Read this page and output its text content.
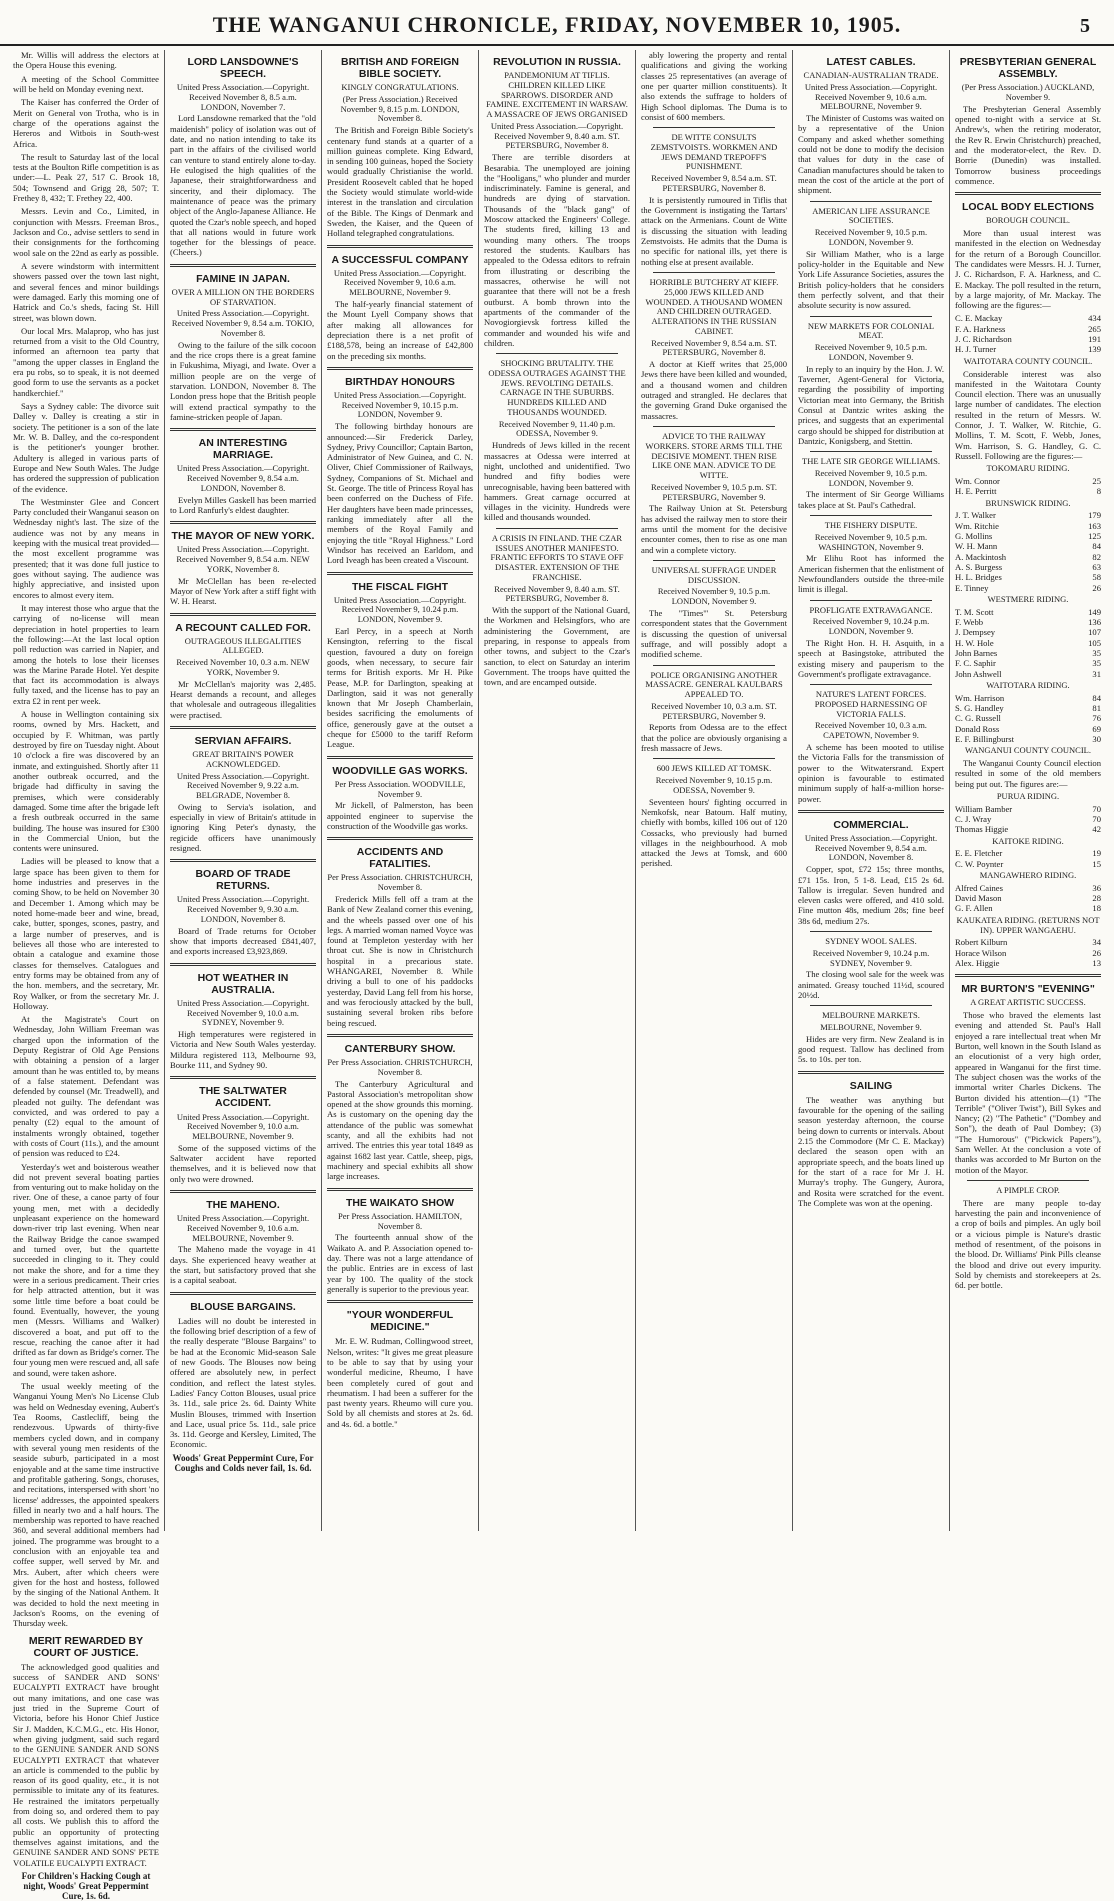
THE WANGANUI CHRONICLE, FRIDAY, NOVEMBER 10, 1905.	5

Mr. Willis will address the electors at the Opera House this evening.

A meeting of the School Committee will be held on Monday evening next.

The Kaiser has conferred the Order of Merit on General von Trotha, who is in charge of the operations against the Hereros and Witbois in South-west Africa.

The result to Saturday last of the local tests at the Boulton Rifle competition is as under:—L. Peak 27, 517 C. Brook 18, 504; Townsend and Grigg 28, 507; T. Frethey 8, 432; T. Frethey 22, 400.

Messrs. Levin and Co., Limited, in conjunction with Messrs. Freeman Bros., Jackson and Co., advise settlers to send in their consignments for the forthcoming wool sale on the 22nd as early as possible.

A severe windstorm with intermittent showers passed over the town last night, and several fences and minor buildings were damaged. Early this morning one of Hatrick and Co.'s sheds, facing St. Hill street, was blown down.

Our local Mrs. Malaprop, who has just returned from a visit to the Old Country, informed an afternoon tea party that "among the upper classes in England the era pu robs, so to speak, it is not deemed good form to use the servants as a pocket handkerchief."

Says a Sydney cable: The divorce suit Dalley v. Dalley is creating a stir in society. The petitioner is a son of the late Mr. W. B. Dalley, and the co-respondent is the petitioner's younger brother. Adultery is alleged in various parts of Europe and New South Wales. The Judge has ordered the suppression of publication of the evidence.

The Westminster Glee and Concert Party concluded their Wanganui season on Wednesday night's last. The size of the audience was not by any means in keeping with the musical treat provided—the most excellent programme was presented; that it was done full justice to goes without saying. The audience was highly appreciative, and insisted upon encores to almost every item.

It may interest those who argue that the carrying of no-license will mean depreciation in hotel properties to learn the following:—At the last local option poll reduction was carried in Napier, and among the hotels to lose their licenses was the Marine Parade Hotel. Yet despite that fact its accommodation is always fully taxed, and the license has to pay an extra £2 in rent per week.

A house in Wellington containing six rooms, owned by Mrs. Hackett, and occupied by F. Whitman, was partly destroyed by fire on Tuesday night. About 10 o'clock a fire was discovered by an inmate, and extinguished. Shortly after 11 another outbreak occurred, and the brigade had difficulty in saving the premises, which were considerably damaged. Some time after the brigade left a fresh outbreak occurred in the same building. The house was insured for £300 in the Commercial Union, but the contents were uninsured.

Ladies will be pleased to know that a large space has been given to them for home industries and preserves in the coming Show, to be held on November 30 and December 1. Among which may be noted home-made beer and wine, bread, cake, butter, sponges, scones, pastry, and a large number of preserves, and is believes all those who are interested to obtain a catalogue and examine those classes for themselves. Catalogues and entry forms may be obtained from any of the hon. members, and the secretary, Mr. Roy Walker, or from the secretary Mr. J. Holloway.

At the Magistrate's Court on Wednesday, John William Freeman was charged upon the information of the Deputy Registrar of Old Age Pensions with obtaining a pension of a larger amount than he was entitled to, by means of a false statement. Defendant was defended by counsel (Mr. Treadwell), and pleaded not guilty. The defendant was convicted, and was ordered to pay a penalty (£2) equal to the amount of instalments wrongly obtained, together with costs of Court (11s.), and the amount of pension was reduced to £24.

Yesterday's wet and boisterous weather did not prevent several boating parties from venturing out to make holiday on the river. One of these, a canoe party of four young men, met with a decidedly unpleasant experience on the homeward down-river trip last evening. When near the Railway Bridge the canoe swamped and turned over, but the quartette succeeded in clinging to it. They could not make the shore, and for a time they were in a serious predicament. Their cries for help attracted attention, but it was some little time before a boat could be found. Eventually, however, the young men (Messrs. Williams and Walker) discovered a boat, and put off to the rescue, reaching the canoe after it had drifted as far down as Bridge's corner. The four young men were rescued and, all safe and sound, were taken ashore.

The usual weekly meeting of the Wanganui Young Men's No License Club was held on Wednesday evening, Aubert's Tea Rooms, Castlecliff, being the rendezvous. Upwards of thirty-five members cycled down, and in company with several young men residents of the seaside suburb, participated in a most enjoyable and at the same time instructive and profitable gathering. Songs, choruses, and recitations, interspersed with short 'no license' addresses, the appointed speakers filled in nearly two and a half hours. The membership was reported to have reached 360, and several additional members had joined. The programme was brought to a conclusion with an enjoyable tea and coffee supper, well served by Mr. and Mrs. Aubert, after which cheers were given for the host and hostess, followed by the singing of the National Anthem. It was decided to hold the next meeting in Jackson's Rooms, on the evening of Thursday week.

MERIT REWARDED BY COURT OF JUSTICE.

The acknowledged good qualities and success of SANDER AND SONS' EUCALYPTI EXTRACT have brought out many imitations, and one case was just tried in the Supreme Court of Victoria, before his Honor Chief Justice Sir J. Madden, K.C.M.G., etc. His Honor, when giving judgment, said such regard to the GENUINE SANDER AND SONS EUCALYPTI EXTRACT that whatever an article is commended to the public by reason of its good quality, etc., it is not permissible to imitate any of its features. He restrained the imitators perpetually from doing so, and ordered them to pay all costs. We publish this to afford the public an opportunity of protecting themselves against imitations, and the GENUINE SANDER AND SONS' PETE VOLATILE EUCALYPTI EXTRACT.

For Children's Hacking Cough at night, Woods' Great Peppermint Cure, 1s. 6d.
LORD LANSDOWNE'S SPEECH.
United Press Association.—Copyright. Received November 8, 8.5 a.m. LONDON, November 7.

Lord Lansdowne remarked that the "old maidenish" policy of isolation was out of date, and no nation intending to take its part in the affairs of the civilised world can venture to stand entirely alone to-day. He eulogised the high qualities of the Japanese, their straightforwardness and sincerity, and their diplomacy. The maintenance of peace was the primary object of the Anglo-Japanese Alliance. He quoted the Czar's noble speech, and hoped that all nations would in future work together for the blessings of peace. (Cheers.)

FAMINE IN JAPAN.
OVER A MILLION ON THE BORDERS OF STARVATION.
United Press Association.—Copyright. Received November 9, 8.54 a.m. TOKIO, November 8.

Owing to the failure of the silk cocoon and the rice crops there is a great famine in Fukushima, Miyagi, and Iwate. Over a million people are on the verge of starvation. LONDON, November 8. The London press hope that the British people will extend practical sympathy to the famine-stricken people of Japan.

AN INTERESTING MARRIAGE.
United Press Association.—Copyright. Received November 9, 8.54 a.m. LONDON, November 8.

Evelyn Milles Gaskell has been married to Lord Ranfurly's eldest daughter.

THE MAYOR OF NEW YORK.
United Press Association.—Copyright. Received November 9, 8.54 a.m. NEW YORK, November 8.

Mr McClellan has been re-elected Mayor of New York after a stiff fight with W. H. Hearst.

A RECOUNT CALLED FOR.
OUTRAGEOUS ILLEGALITIES ALLEGED.
Received November 10, 0.3 a.m. NEW YORK, November 9.

Mr McClellan's majority was 2,485. Hearst demands a recount, and alleges that wholesale and outrageous illegalities were practised.

SERVIAN AFFAIRS.
GREAT BRITAIN'S POWER ACKNOWLEDGED.
United Press Association.—Copyright. Received November 9, 9.22 a.m. BELGRADE, November 8.

Owing to Servia's isolation, and especially in view of Britain's attitude in ignoring King Peter's dynasty, the regicide officers have unanimously resigned.

BOARD OF TRADE RETURNS.
United Press Association.—Copyright. Received November 9, 9.30 a.m. LONDON, November 8.

Board of Trade returns for October show that imports decreased £841,407, and exports increased £3,923,869.

HOT WEATHER IN AUSTRALIA.
United Press Association.—Copyright. Received November 9, 10.0 a.m. SYDNEY, November 9.

High temperatures were registered in Victoria and New South Wales yesterday. Mildura registered 113, Melbourne 93, Bourke 111, and Sydney 90.

THE SALTWATER ACCIDENT.
United Press Association.—Copyright. Received November 9, 10.0 a.m. MELBOURNE, November 9.

Some of the supposed victims of the Saltwater accident have reported themselves, and it is believed now that only two were drowned.

THE MAHENO.
United Press Association.—Copyright. Received November 9, 10.6 a.m. MELBOURNE, November 9.

The Maheno made the voyage in 41 days. She experienced heavy weather at the start, but satisfactory proved that she is a capital seaboat.

BLOUSE BARGAINS.

Ladies will no doubt be interested in the following brief description of a few of the really desperate "Blouse Bargains" to be had at the Economic Mid-season Sale of new Goods. The Blouses now being offered are absolutely new, in perfect condition, and reflect the latest styles. Ladies' Fancy Cotton Blouses, usual price 3s. 11d., sale price 2s. 6d. Dainty White Muslin Blouses, trimmed with Insertion and Lace, usual price 5s. 11d., sale price 3s. 11d. George and Kersley, Limited, The Economic.

Woods' Great Peppermint Cure, For Coughs and Colds never fail, 1s. 6d.
BRITISH AND FOREIGN BIBLE SOCIETY.
KINGLY CONGRATULATIONS.
(Per Press Association.) Received November 9, 8.15 p.m. LONDON, November 8.

The British and Foreign Bible Society's centenary fund stands at a quarter of a million guineas complete. King Edward, in sending 100 guineas, hoped the Society would gradually Christianise the world. President Roosevelt cabled that he hoped the Society would stimulate world-wide interest in the translation and circulation of the Bible. The Kings of Denmark and Sweden, the Kaiser, and the Queen of Holland telegraphed congratulations.

A SUCCESSFUL COMPANY
United Press Association.—Copyright. Received November 9, 10.6 a.m. MELBOURNE, November 9.

The half-yearly financial statement of the Mount Lyell Company shows that after making all allowances for depreciation there is a net profit of £188,578, being an increase of £42,800 on the preceding six months.

BIRTHDAY HONOURS
United Press Association.—Copyright. Received November 9, 10.15 p.m. LONDON, November 9.

The following birthday honours are announced:—Sir Frederick Darley, Sydney, Privy Councillor; Captain Barton, Administrator of New Guinea, and C. N. Oliver, Chief Commissioner of Railways, Sydney, Companions of St. Michael and St. George. The title of Princess Royal has been conferred on the Duchess of Fife. Her daughters have been made princesses, ranking immediately after all the members of the Royal Family and enjoying the title "Royal Highness." Lord Windsor has received an Earldom, and Lord Iveagh has been created a Viscount.

THE FISCAL FIGHT
United Press Association.—Copyright. Received November 9, 10.24 p.m. LONDON, November 9.

Earl Percy, in a speech at North Kensington, referring to the fiscal question, favoured a duty on foreign goods, when necessary, to secure fair terms for British exports. Mr H. Pike Pease, M.P. for Darlington, speaking at Darlington, said it was not generally known that Mr Joseph Chamberlain, besides sacrificing the emoluments of office, generously gave at the outset a cheque for £5000 to the tariff Reform League.

WOODVILLE GAS WORKS.
Per Press Association. WOODVILLE, November 9.

Mr Jickell, of Palmerston, has been appointed engineer to supervise the construction of the Woodville gas works.

ACCIDENTS AND FATALITIES.
Per Press Association. CHRISTCHURCH, November 8.

Frederick Mills fell off a tram at the Bank of New Zealand corner this evening, and the wheels passed over one of his legs. A married woman named Voyce was found at Templeton yesterday with her throat cut. She is now in Christchurch hospital in a precarious state. WHANGAREI, November 8. While driving a bull to one of his paddocks yesterday, David Lang fell from his horse, and was ferociously attacked by the bull, sustaining several broken ribs before being rescued.

CANTERBURY SHOW.
Per Press Association. CHRISTCHURCH, November 8.

The Canterbury Agricultural and Pastoral Association's metropolitan show opened at the show grounds this morning. As is customary on the opening day the attendance of the public was somewhat scanty, and all the exhibits had not arrived. The entries this year total 1849 as against 1682 last year. Cattle, sheep, pigs, machinery and special exhibits all show large increases.

THE WAIKATO SHOW
Per Press Association. HAMILTON, November 8.

The fourteenth annual show of the Waikato A. and P. Association opened to-day. There was not a large attendance of the public. Entries are in excess of last year by 100. The quality of the stock generally is superior to the previous year.

"YOUR WONDERFUL MEDICINE."

Mr. E. W. Rudman, Collingwood street, Nelson, writes: "It gives me great pleasure to be able to say that by using your wonderful medicine, Rheumo, I have been completely cured of gout and rheumatism. I had been a sufferer for the past twenty years. Rheumo will cure you. Sold by all chemists and stores at 2s. 6d. and 4s. 6d. a bottle."

REVOLUTION IN RUSSIA.
PANDEMONIUM AT TIFLIS. CHILDREN KILLED LIKE SPARROWS. DISORDER AND FAMINE. EXCITEMENT IN WARSAW. A MASSACRE OF JEWS ORGANISED
United Press Association.—Copyright. Received November 9, 8.40 a.m. ST. PETERSBURG, November 8.

There are terrible disorders at Besarabia. The unemployed are joining the "Hooligans," who plunder and murder indiscriminately. Famine is general, and hundreds are dying of starvation. Thousands of the "black gang" of Moscow attacked the Engineers' College. The students fired, killing 13 and wounding many others. The troops restored the students. Kaulbars has appealed to the Odessa editors to refrain from illustrating or describing the massacres, otherwise he will not guarantee that there will not be a fresh outburst. A bomb thrown into the apartments of the commander of the Novogiorgievsk fortress killed the commander and wounded his wife and children.

SHOCKING BRUTALITY. THE ODESSA OUTRAGES AGAINST THE JEWS. REVOLTING DETAILS. CARNAGE IN THE SUBURBS. HUNDREDS KILLED AND THOUSANDS WOUNDED.
Received November 9, 11.40 p.m. ODESSA, November 9.

Hundreds of Jews killed in the recent massacres at Odessa were interred at night, unclothed and unidentified. Two hundred and fifty bodies were unrecognisable, having been battered with hammers. Great carnage occurred at villages in the vicinity. Hundreds were killed and thousands wounded.

A CRISIS IN FINLAND. THE CZAR ISSUES ANOTHER MANIFESTO. FRANTIC EFFORTS TO STAVE OFF DISASTER. EXTENSION OF THE FRANCHISE.
Received November 9, 8.40 a.m. ST. PETERSBURG, November 8.

With the support of the National Guard, the Workmen and Helsingfors, who are administering the Government, are preparing, in response to appeals from other towns, and subject to the Czar's sanction, to elect on Saturday an interim Government. The troops have quitted the town, and are encamped outside.

ably lowering the property and rental qualifications and giving the working classes 25 representatives (an average of one per quarter million constituents). It also extends the suffrage to holders of High School diplomas. The Duma is to consist of 600 members.

DE WITTE CONSULTS ZEMSTVOISTS. WORKMEN AND JEWS DEMAND TREPOFF'S PUNISHMENT.
Received November 9, 8.54 a.m. ST. PETERSBURG, November 8.

It is persistently rumoured in Tiflis that the Government is instigating the Tartars' attack on the Armenians. Count de Witte is discussing the situation with leading Zemstvoists. He admits that the Duma is no specific for national ills, yet there is nothing else at present available.

HORRIBLE BUTCHERY AT KIEFF. 25,000 JEWS KILLED AND WOUNDED. A THOUSAND WOMEN AND CHILDREN OUTRAGED. ALTERATIONS IN THE RUSSIAN CABINET.
Received November 9, 8.54 a.m. ST. PETERSBURG, November 8.

A doctor at Kieff writes that 25,000 Jews there have been killed and wounded, and a thousand women and children outraged and strangled. He declares that the governing Grand Duke organised the massacres.

ADVICE TO THE RAILWAY WORKERS. STORE ARMS TILL THE DECISIVE MOMENT. THEN RISE LIKE ONE MAN. ADVICE TO DE WITTE.
Received November 9, 10.5 p.m. ST. PETERSBURG, November 9.

The Railway Union at St. Petersburg has advised the railway men to store their arms until the moment for the decisive encounter comes, then to rise as one man and win a complete victory.

UNIVERSAL SUFFRAGE UNDER DISCUSSION.
Received November 9, 10.5 p.m. LONDON, November 9.

The "Times'" St. Petersburg correspondent states that the Government is discussing the question of universal suffrage, and will possibly adopt a modified scheme.

POLICE ORGANISING ANOTHER MASSACRE. GENERAL KAULBARS APPEALED TO.
Received November 10, 0.3 a.m. ST. PETERSBURG, November 9.

Reports from Odessa are to the effect that the police are obviously organising a fresh massacre of Jews.

600 JEWS KILLED AT TOMSK.
Received November 9, 10.15 p.m. ODESSA, November 9.

Seventeen hours' fighting occurred in Nemkofsk, near Batoum. Half mutiny, chiefly with bombs, killed 106 out of 120 Cossacks, who previously had burned villages in the neighbourhood. A mob attacked the Jews at Tomsk, and 600 perished.

LATEST CABLES.
CANADIAN-AUSTRALIAN TRADE.
United Press Association.—Copyright. Received November 9, 10.6 a.m. MELBOURNE, November 9.

The Minister of Customs was waited on by a representative of the Union Company and asked whether something could not be done to modify the decision that values for duty in the case of Canadian manufactures should be taken to mean the cost of the article at the port of shipment.

AMERICAN LIFE ASSURANCE SOCIETIES.
Received November 9, 10.5 p.m. LONDON, November 9.

Sir William Mather, who is a large policy-holder in the Equitable and New York Life Assurance Societies, assures the British policy-holders that he considers them perfectly solvent, and that their absolute security is now assured.

NEW MARKETS FOR COLONIAL MEAT.
Received November 9, 10.5 p.m. LONDON, November 9.

In reply to an inquiry by the Hon. J. W. Taverner, Agent-General for Victoria, regarding the possibility of importing Victorian meat into Germany, the British Consul at Dantzic writes asking the prices, and suggests that an experimental cargo should be shipped for distribution at Dantzic, Konigsberg, and Stettin.

THE LATE SIR GEORGE WILLIAMS.
Received November 9, 10.5 p.m. LONDON, November 9.

The interment of Sir George Williams takes place at St. Paul's Cathedral.

THE FISHERY DISPUTE.
Received November 9, 10.5 p.m. WASHINGTON, November 9.

Mr Elihu Root has informed the American fishermen that the enlistment of Newfoundlanders outside the three-mile limit is illegal.

PROFLIGATE EXTRAVAGANCE.
Received November 9, 10.24 p.m. LONDON, November 9.

The Right Hon. H. H. Asquith, in a speech at Basingstoke, attributed the existing misery and pauperism to the Government's profligate extravagance.

NATURE'S LATENT FORCES. PROPOSED HARNESSING OF VICTORIA FALLS.
Received November 10, 0.3 a.m. CAPETOWN, November 9.

A scheme has been mooted to utilise the Victoria Falls for the transmission of power to the Witwatersrand. Expert opinion is favourable to estimated minimum supply of half-a-million horse-power.

COMMERCIAL.
United Press Association.—Copyright. Received November 9, 8.54 a.m. LONDON, November 8.

Copper, spot, £72 15s; three months, £71 15s. Iron, 5 1-8. Lead, £15 2s 6d. Tallow is irregular. Seven hundred and eleven casks were offered, and 410 sold. Fine mutton 48s, medium 28s; fine beef 38s 6d, medium 27s.

SYDNEY WOOL SALES.
Received November 9, 10.24 p.m. SYDNEY, November 9.

The closing wool sale for the week was animated. Greasy touched 11½d, scoured 20½d.

MELBOURNE MARKETS.
MELBOURNE, November 9.

Hides are very firm. New Zealand is in good request. Tallow has declined from 5s. to 10s. per ton.

SAILING

The weather was anything but favourable for the opening of the sailing season yesterday afternoon, the course being down to currents or intervals. About 2.15 the Commodore (Mr C. E. Mackay) declared the season open with an appropriate speech, and the boats lined up for the start of a race for Mr J. H. Murray's trophy. The Gungery, Aurora, and Rosita were scratched for the event. The Complete was won at the opening.

PRESBYTERIAN GENERAL ASSEMBLY.
(Per Press Association.) AUCKLAND, November 9.

The Presbyterian General Assembly opened to-night with a service at St. Andrew's, when the retiring moderator, the Rev R. Erwin Christchurch) preached, and the moderator-elect, the Rev. D. Borrie (Dunedin) was installed. Tomorrow business proceedings commence.

LOCAL BODY ELECTIONS
BOROUGH COUNCIL.

More than usual interest was manifested in the election on Wednesday for the return of a Borough Councillor. The candidates were Messrs. H. J. Turner, J. C. Richardson, F. A. Harkness, and C. E. Mackay. The poll resulted in the return, by a large majority, of Mr. Mackay. The following are the figures:—

C. E. Mackay	434
F. A. Harkness	265
J. C. Richardson	191
H. J. Turner	139
WAITOTARA COUNTY COUNCIL.

Considerable interest was also manifested in the Waitotara County Council election. There was an unusually large number of candidates. The election resulted in the return of Messrs. W. Connor, J. T. Walker, W. Ritchie, G. Mollins, T. M. Scott, F. Webb, Jones, Wm. Harrison, S. G. Handley, G. C. Russell. Following are the figures:—

TOKOMARU RIDING.
Wm. Connor	25
H. E. Perritt	8
BRUNSWICK RIDING.
J. T. Walker	179
Wm. Ritchie	163
G. Mollins	125
W. H. Mann	84
A. Mackintosh	82
A. S. Burgess	63
H. L. Bridges	58
E. Tinney	26
WESTMERE RIDING.
T. M. Scott	149
F. Webb	136
J. Dempsey	107
H. W. Hole	105
John Barnes	35
F. C. Saphir	35
John Ashwell	31
WAITOTARA RIDING.
Wm. Harrison	84
S. G. Handley	81
C. G. Russell	76
Donald Ross	69
E. F. Billingburst	30
WANGANUI COUNTY COUNCIL.

The Wanganui County Council election resulted in some of the old members being put out. The figures are:—

PURUA RIDING.
William Bamber	70
C. J. Wray	70
Thomas Higgie	42
KAITOKE RIDING.
E. E. Fletcher	19
C. W. Poynter	15
MANGAWHERO RIDING.
Alfred Caines	36
David Mason	28
G. F. Allen	18
KAUKATEA RIDING. (RETURNS NOT IN). UPPER WANGAEHU.
Robert Kilburn	34
Horace Wilson	26
Alex. Higgie	13
MR BURTON'S "EVENING"
A GREAT ARTISTIC SUCCESS.

Those who braved the elements last evening and attended St. Paul's Hall enjoyed a rare intellectual treat when Mr Burton, well known in the South Island as an elocutionist of a very high order, appeared in Wanganui for the first time. The subject chosen was the works of the immortal writer Charles Dickens. The Burton divided his attention—(1) "The Terrible" ("Oliver Twist"), Bill Sykes and Nancy; (2) "The Pathetic" ("Dombey and Son"), the death of Paul Dombey; (3) "The Humorous" ("Pickwick Papers"), Sam Weller. At the conclusion a vote of thanks was accorded to Mr Burton on the motion of the Mayor.

A PIMPLE CROP.

There are many people to-day harvesting the pain and inconvenience of a crop of boils and pimples. An ugly boil or a vicious pimple is Nature's drastic method of resentment, of the poisons in the blood. Dr. Williams' Pink Pills cleanse the blood and drive out every impurity. Sold by chemists and storekeepers at 2s. 6d. per bottle.
